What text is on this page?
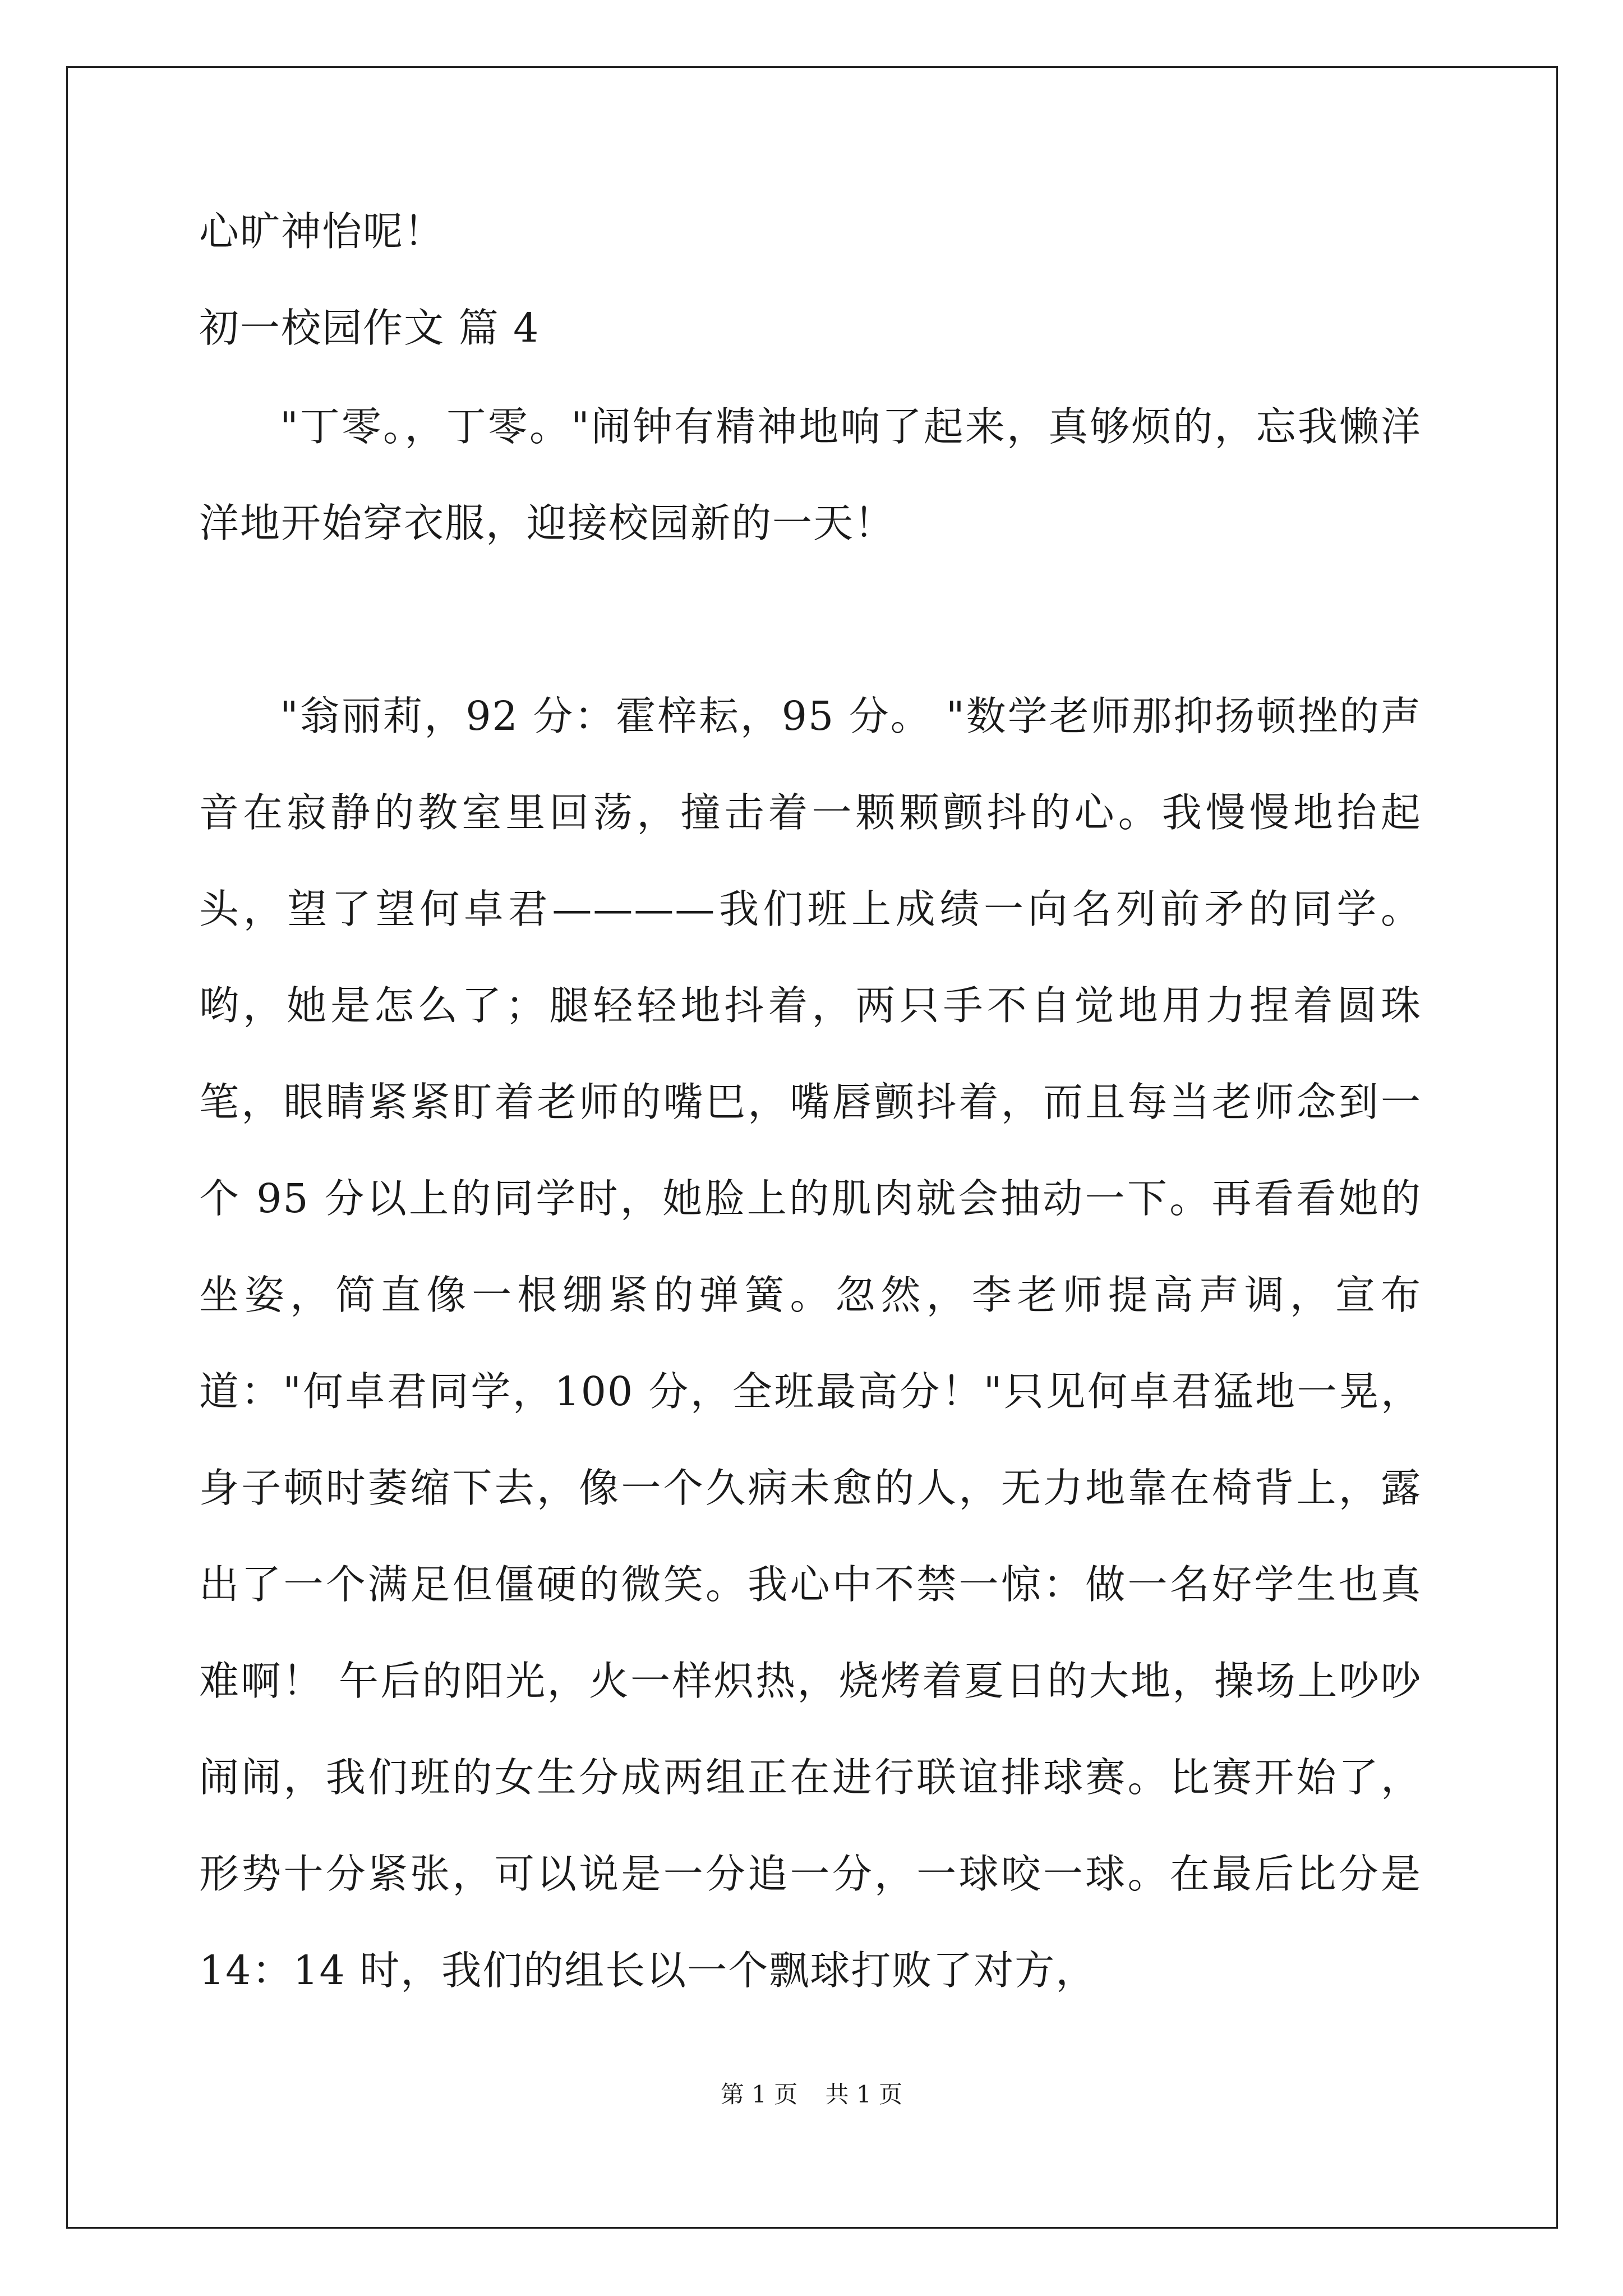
心旷神怡呢！
初一校园作文 篇 4
"丁零。，丁零。"闹钟有精神地响了起来，真够烦的，忘我懒洋洋地开始穿衣服，迎接校园新的一天！
"翁丽莉，92 分：霍梓耘，95 分。 "数学老师那抑扬顿挫的声音在寂静的教室里回荡，撞击着一颗颗颤抖的心。我慢慢地抬起头，望了望何卓君————我们班上成绩一向名列前矛的同学。哟，她是怎么了；腿轻轻地抖着，两只手不自觉地用力捏着圆珠笔，眼睛紧紧盯着老师的嘴巴，嘴唇颤抖着，而且每当老师念到一个 95 分以上的同学时，她脸上的肌肉就会抽动一下。再看看她的坐姿，简直像一根绷紧的弹簧。忽然，李老师提高声调，宣布道："何卓君同学，100 分，全班最高分！"只见何卓君猛地一晃，身子顿时萎缩下去，像一个久病未愈的人，无力地靠在椅背上，露出了一个满足但僵硬的微笑。我心中不禁一惊：做一名好学生也真难啊！ 午后的阳光，火一样炽热，烧烤着夏日的大地，操场上吵吵闹闹，我们班的女生分成两组正在进行联谊排球赛。比赛开始了，形势十分紧张，可以说是一分追一分，一球咬一球。在最后比分是 14：14 时，我们的组长以一个飘球打败了对方，
第 1 页 共 1 页
